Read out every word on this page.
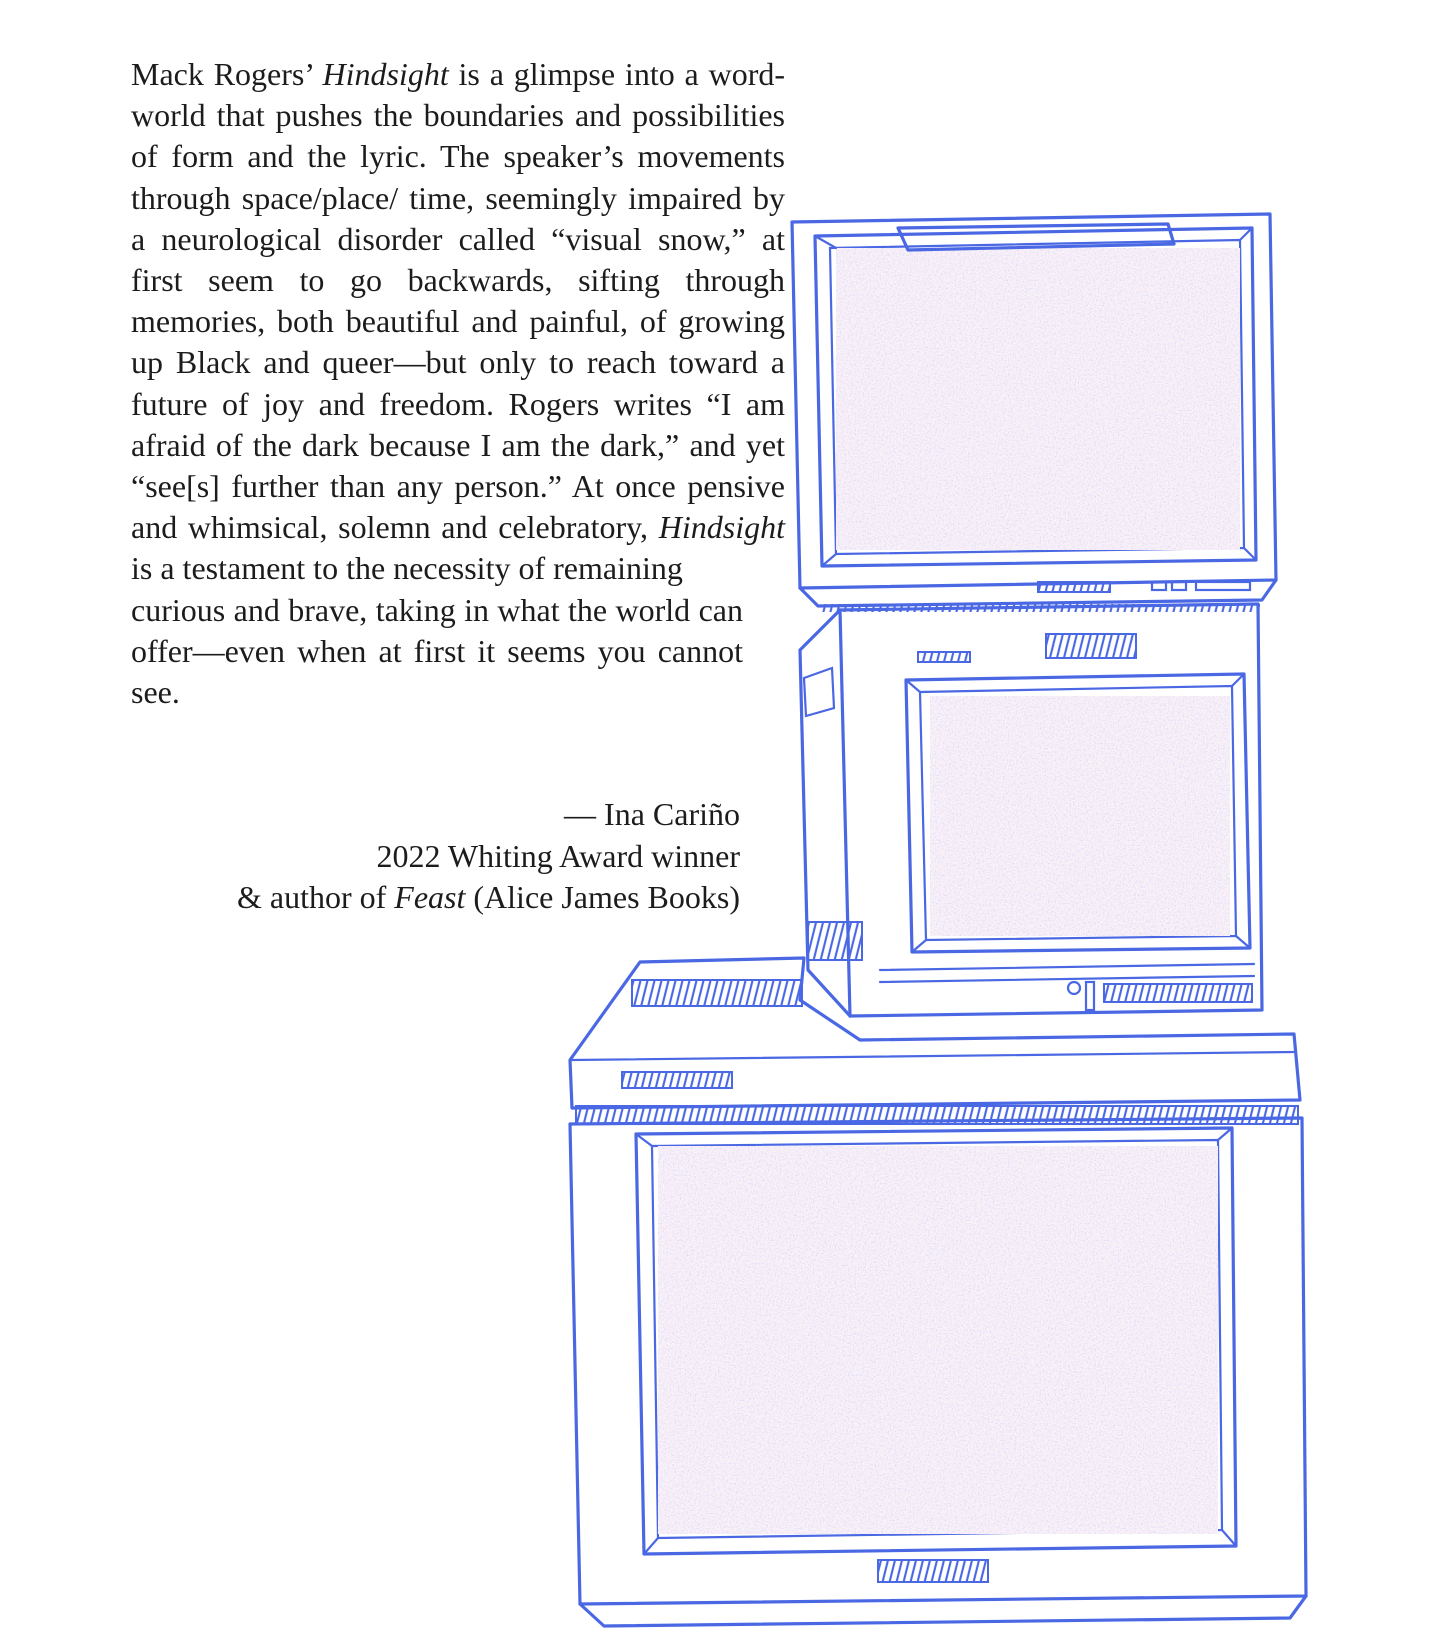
Mack Rogers’ Hindsight is a glimpse into a word-world that pushes the boundaries and possibilities of form and the lyric. The speaker’s movements through space/place/ time, seemingly impaired by a neurological disorder called “visual snow,” at first seem to go backwards, sifting through memories, both beautiful and painful, of growing up Black and queer—but only to reach toward a future of joy and freedom. Rogers writes “I am afraid of the dark because I am the dark,” and yet “see[s] further than any person.” At once pensive and whimsical, solemn and celebratory, Hindsight is a testament to the necessity of remaining

curious and brave, taking in what the world can offer—even when at first it seems you cannot see.

— Ina Cariño
2022 Whiting Award winner
& author of Feast (Alice James Books)
